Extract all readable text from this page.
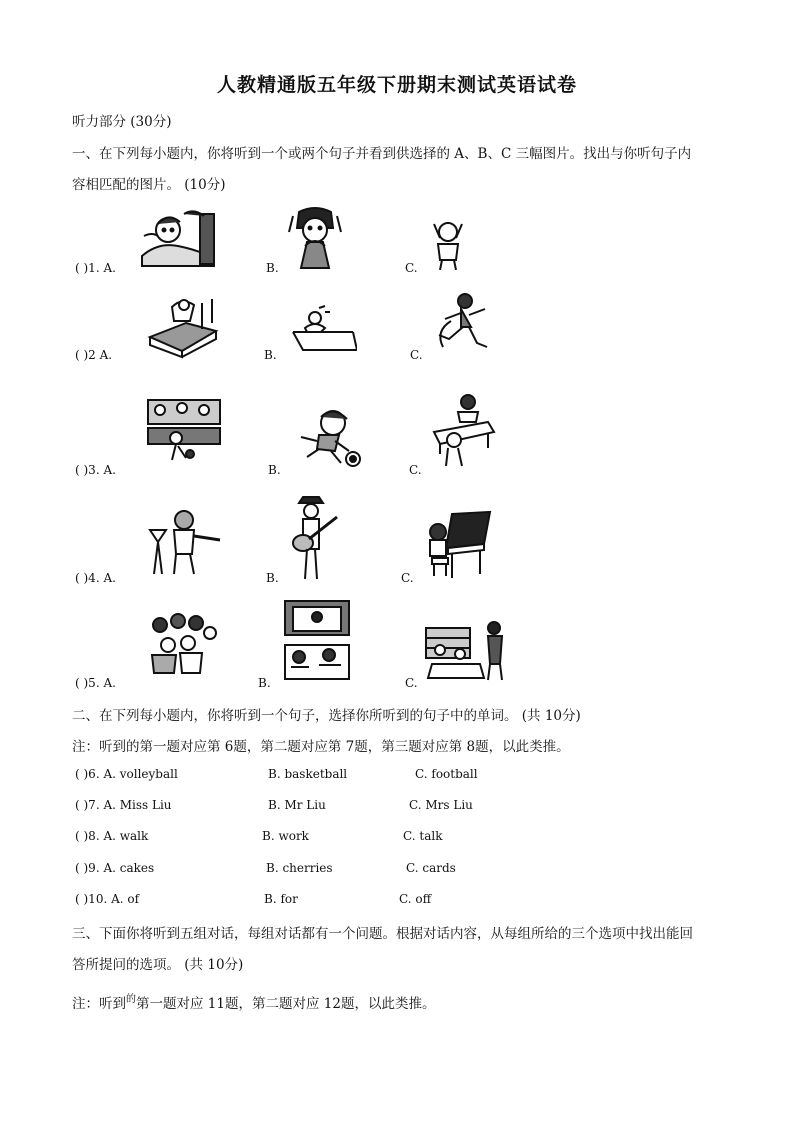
人教精通版五年级下册期末测试英语试卷
听力部分 (30分)
一、在下列每小题内，你将听到一个或两个句子并看到供选择的 A、B、C 三幅图片。找出与你听句子内
容相匹配的图片。 (10分)
( )1. A.	B.	C.
( )2 A.	B.	C.
( )3. A.	B.	C.
( )4. A.	B.	C.
( )5. A.	B.	C.
二、在下列每小题内，你将听到一个句子，选择你所听到的句子中的单词。 (共 10分)
注：听到的第一题对应第 6题，第二题对应第 7题，第三题对应第 8题，以此类推。
( )6. A. volleyball	B. basketball	C. football
( )7. A. Miss Liu	B. Mr Liu	C. Mrs Liu
( )8. A. walk	B. work	C. talk
( )9. A. cakes	B. cherries	C. cards
( )10. A. of	B. for	C. off
三、下面你将听到五组对话，每组对话都有一个问题。根据对话内容，从每组所给的三个选项中找出能回
答所提问的选项。 (共 10分)
注：听到$^的$第一题对应 11题，第二题对应 12题，以此类推。
